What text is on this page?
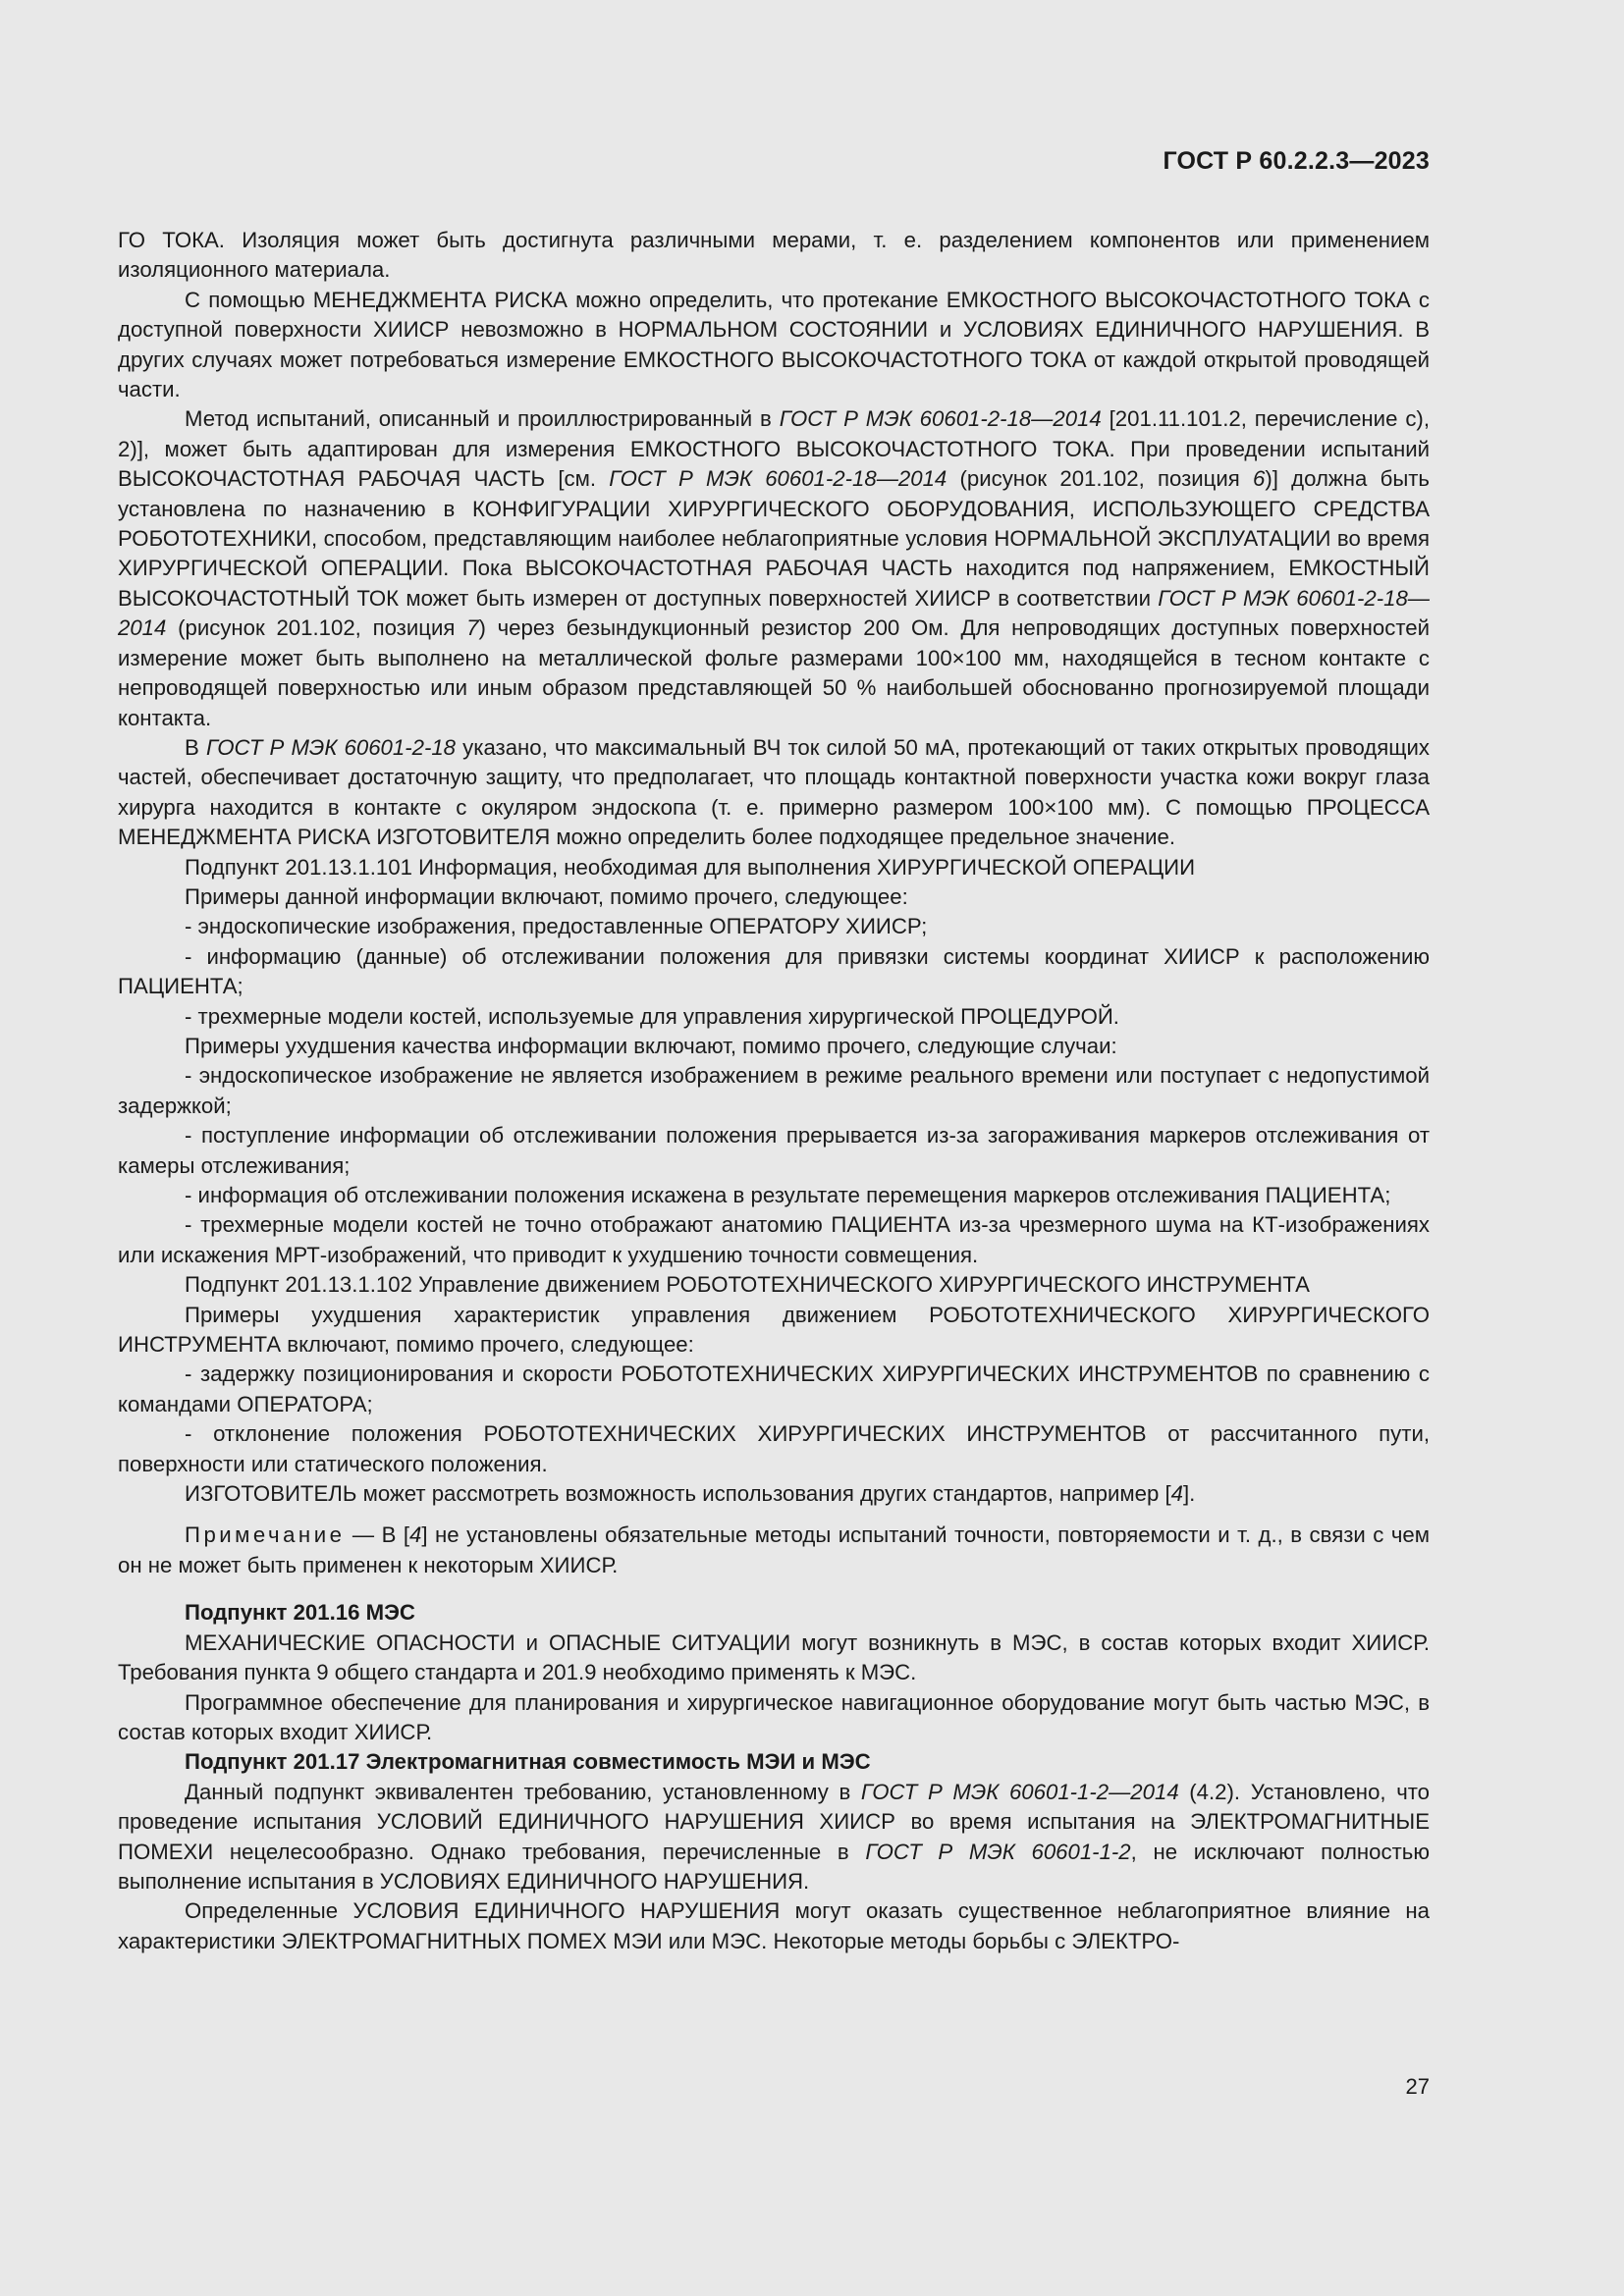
ГОСТ Р 60.2.2.3—2023

ГО ТОКА. Изоляция может быть достигнута различными мерами, т. е. разделением компонентов или применением изоляционного материала.

С помощью МЕНЕДЖМЕНТА РИСКА можно определить, что протекание ЕМКОСТНОГО ВЫСОКОЧАСТОТНОГО ТОКА с доступной поверхности ХИИСР невозможно в НОРМАЛЬНОМ СОСТОЯНИИ и УСЛОВИЯХ ЕДИНИЧНОГО НАРУШЕНИЯ. В других случаях может потребоваться измерение ЕМКОСТНОГО ВЫСОКОЧАСТОТНОГО ТОКА от каждой открытой проводящей части.

Метод испытаний, описанный и проиллюстрированный в ГОСТ Р МЭК 60601-2-18—2014 [201.11.101.2, перечисление c), 2)], может быть адаптирован для измерения ЕМКОСТНОГО ВЫСОКОЧАСТОТНОГО ТОКА. При проведении испытаний ВЫСОКОЧАСТОТНАЯ РАБОЧАЯ ЧАСТЬ [см. ГОСТ Р МЭК 60601-2-18—2014 (рисунок 201.102, позиция 6)] должна быть установлена по назначению в КОНФИГУРАЦИИ ХИРУРГИЧЕСКОГО ОБОРУДОВАНИЯ, ИСПОЛЬЗУЮЩЕГО СРЕДСТВА РОБОТОТЕХНИКИ, способом, представляющим наиболее неблагоприятные условия НОРМАЛЬНОЙ ЭКСПЛУАТАЦИИ во время ХИРУРГИЧЕСКОЙ ОПЕРАЦИИ. Пока ВЫСОКОЧАСТОТНАЯ РАБОЧАЯ ЧАСТЬ находится под напряжением, ЕМКОСТНЫЙ ВЫСОКОЧАСТОТНЫЙ ТОК может быть измерен от доступных поверхностей ХИИСР в соответствии ГОСТ Р МЭК 60601-2-18—2014 (рисунок 201.102, позиция 7) через безындукционный резистор 200 Ом. Для непроводящих доступных поверхностей измерение может быть выполнено на металлической фольге размерами 100×100 мм, находящейся в тесном контакте с непроводящей поверхностью или иным образом представляющей 50 % наибольшей обоснованно прогнозируемой площади контакта.

В ГОСТ Р МЭК 60601-2-18 указано, что максимальный ВЧ ток силой 50 мА, протекающий от таких открытых проводящих частей, обеспечивает достаточную защиту, что предполагает, что площадь контактной поверхности участка кожи вокруг глаза хирурга находится в контакте с окуляром эндоскопа (т. е. примерно размером 100×100 мм). С помощью ПРОЦЕССА МЕНЕДЖМЕНТА РИСКА ИЗГОТОВИТЕЛЯ можно определить более подходящее предельное значение.

Подпункт 201.13.1.101 Информация, необходимая для выполнения ХИРУРГИЧЕСКОЙ ОПЕРАЦИИ

Примеры данной информации включают, помимо прочего, следующее:

- эндоскопические изображения, предоставленные ОПЕРАТОРУ ХИИСР;

- информацию (данные) об отслеживании положения для привязки системы координат ХИИСР к расположению ПАЦИЕНТА;

- трехмерные модели костей, используемые для управления хирургической ПРОЦЕДУРОЙ.

Примеры ухудшения качества информации включают, помимо прочего, следующие случаи:

- эндоскопическое изображение не является изображением в режиме реального времени или поступает с недопустимой задержкой;

- поступление информации об отслеживании положения прерывается из-за загораживания маркеров отслеживания от камеры отслеживания;

- информация об отслеживании положения искажена в результате перемещения маркеров отслеживания ПАЦИЕНТА;

- трехмерные модели костей не точно отображают анатомию ПАЦИЕНТА из-за чрезмерного шума на КТ-изображениях или искажения МРТ-изображений, что приводит к ухудшению точности совмещения.

Подпункт 201.13.1.102 Управление движением РОБОТОТЕХНИЧЕСКОГО ХИРУРГИЧЕСКОГО ИНСТРУМЕНТА

Примеры ухудшения характеристик управления движением РОБОТОТЕХНИЧЕСКОГО ХИРУРГИЧЕСКОГО ИНСТРУМЕНТА включают, помимо прочего, следующее:

- задержку позиционирования и скорости РОБОТОТЕХНИЧЕСКИХ ХИРУРГИЧЕСКИХ ИНСТРУМЕНТОВ по сравнению с командами ОПЕРАТОРА;

- отклонение положения РОБОТОТЕХНИЧЕСКИХ ХИРУРГИЧЕСКИХ ИНСТРУМЕНТОВ от рассчитанного пути, поверхности или статического положения.

ИЗГОТОВИТЕЛЬ может рассмотреть возможность использования других стандартов, например [4].

Примечание — В [4] не установлены обязательные методы испытаний точности, повторяемости и т. д., в связи с чем он не может быть применен к некоторым ХИИСР.

Подпункт 201.16 МЭС

МЕХАНИЧЕСКИЕ ОПАСНОСТИ и ОПАСНЫЕ СИТУАЦИИ могут возникнуть в МЭС, в состав которых входит ХИИСР. Требования пункта 9 общего стандарта и 201.9 необходимо применять к МЭС.

Программное обеспечение для планирования и хирургическое навигационное оборудование могут быть частью МЭС, в состав которых входит ХИИСР.

Подпункт 201.17 Электромагнитная совместимость МЭИ и МЭС

Данный подпункт эквивалентен требованию, установленному в ГОСТ Р МЭК 60601-1-2—2014 (4.2). Установлено, что проведение испытания УСЛОВИЙ ЕДИНИЧНОГО НАРУШЕНИЯ ХИИСР во время испытания на ЭЛЕКТРОМАГНИТНЫЕ ПОМЕХИ нецелесообразно. Однако требования, перечисленные в ГОСТ Р МЭК 60601-1-2, не исключают полностью выполнение испытания в УСЛОВИЯХ ЕДИНИЧНОГО НАРУШЕНИЯ.

Определенные УСЛОВИЯ ЕДИНИЧНОГО НАРУШЕНИЯ могут оказать существенное неблагоприятное влияние на характеристики ЭЛЕКТРОМАГНИТНЫХ ПОМЕХ МЭИ или МЭС. Некоторые методы борьбы с ЭЛЕКТРО-

27
